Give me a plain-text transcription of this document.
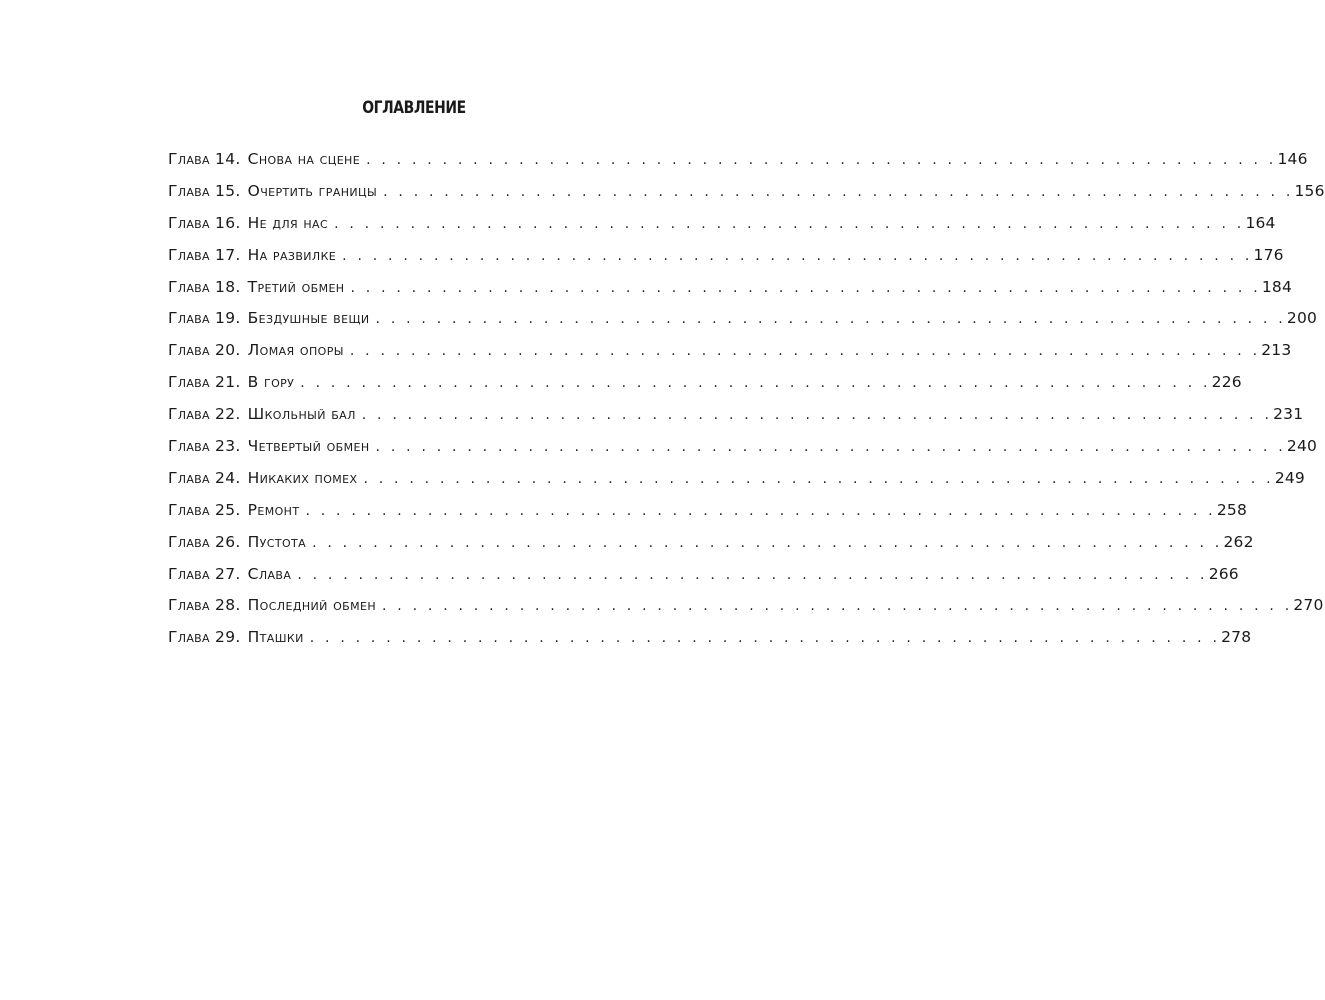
ОГЛАВЛЕНИЕ
Глава 14. Снова на сцене . . . . . . . . . . . . . . . . . . . . . . . . . . . . . . . . . . . . . . . . . . . . . . . . . . . . . . . . . . . . 146
Глава 15. Очертить границы . . . . . . . . . . . . . . . . . . . . . . . . . . . . . . . . . . . . . . . . . . . . . . . . . . . . . . . . . . . . 156
Глава 16. Не для нас . . . . . . . . . . . . . . . . . . . . . . . . . . . . . . . . . . . . . . . . . . . . . . . . . . . . . . . . . . . . 164
Глава 17. На развилке . . . . . . . . . . . . . . . . . . . . . . . . . . . . . . . . . . . . . . . . . . . . . . . . . . . . . . . . . . . . 176
Глава 18. Третий обмен . . . . . . . . . . . . . . . . . . . . . . . . . . . . . . . . . . . . . . . . . . . . . . . . . . . . . . . . . . . . 184
Глава 19. Бездушные вещи . . . . . . . . . . . . . . . . . . . . . . . . . . . . . . . . . . . . . . . . . . . . . . . . . . . . . . . . . . . . 200
Глава 20. Ломая опоры . . . . . . . . . . . . . . . . . . . . . . . . . . . . . . . . . . . . . . . . . . . . . . . . . . . . . . . . . . . . 213
Глава 21. В гору . . . . . . . . . . . . . . . . . . . . . . . . . . . . . . . . . . . . . . . . . . . . . . . . . . . . . . . . . . . . 226
Глава 22. Школьный бал . . . . . . . . . . . . . . . . . . . . . . . . . . . . . . . . . . . . . . . . . . . . . . . . . . . . . . . . . . . . 231
Глава 23. Четвертый обмен . . . . . . . . . . . . . . . . . . . . . . . . . . . . . . . . . . . . . . . . . . . . . . . . . . . . . . . . . . . . 240
Глава 24. Никаких помех . . . . . . . . . . . . . . . . . . . . . . . . . . . . . . . . . . . . . . . . . . . . . . . . . . . . . . . . . . . . 249
Глава 25. Ремонт . . . . . . . . . . . . . . . . . . . . . . . . . . . . . . . . . . . . . . . . . . . . . . . . . . . . . . . . . . . . 258
Глава 26. Пустота . . . . . . . . . . . . . . . . . . . . . . . . . . . . . . . . . . . . . . . . . . . . . . . . . . . . . . . . . . . . 262
Глава 27. Слава . . . . . . . . . . . . . . . . . . . . . . . . . . . . . . . . . . . . . . . . . . . . . . . . . . . . . . . . . . . . 266
Глава 28. Последний обмен . . . . . . . . . . . . . . . . . . . . . . . . . . . . . . . . . . . . . . . . . . . . . . . . . . . . . . . . . . . . 270
Глава 29. Пташки . . . . . . . . . . . . . . . . . . . . . . . . . . . . . . . . . . . . . . . . . . . . . . . . . . . . . . . . . . . . 278
